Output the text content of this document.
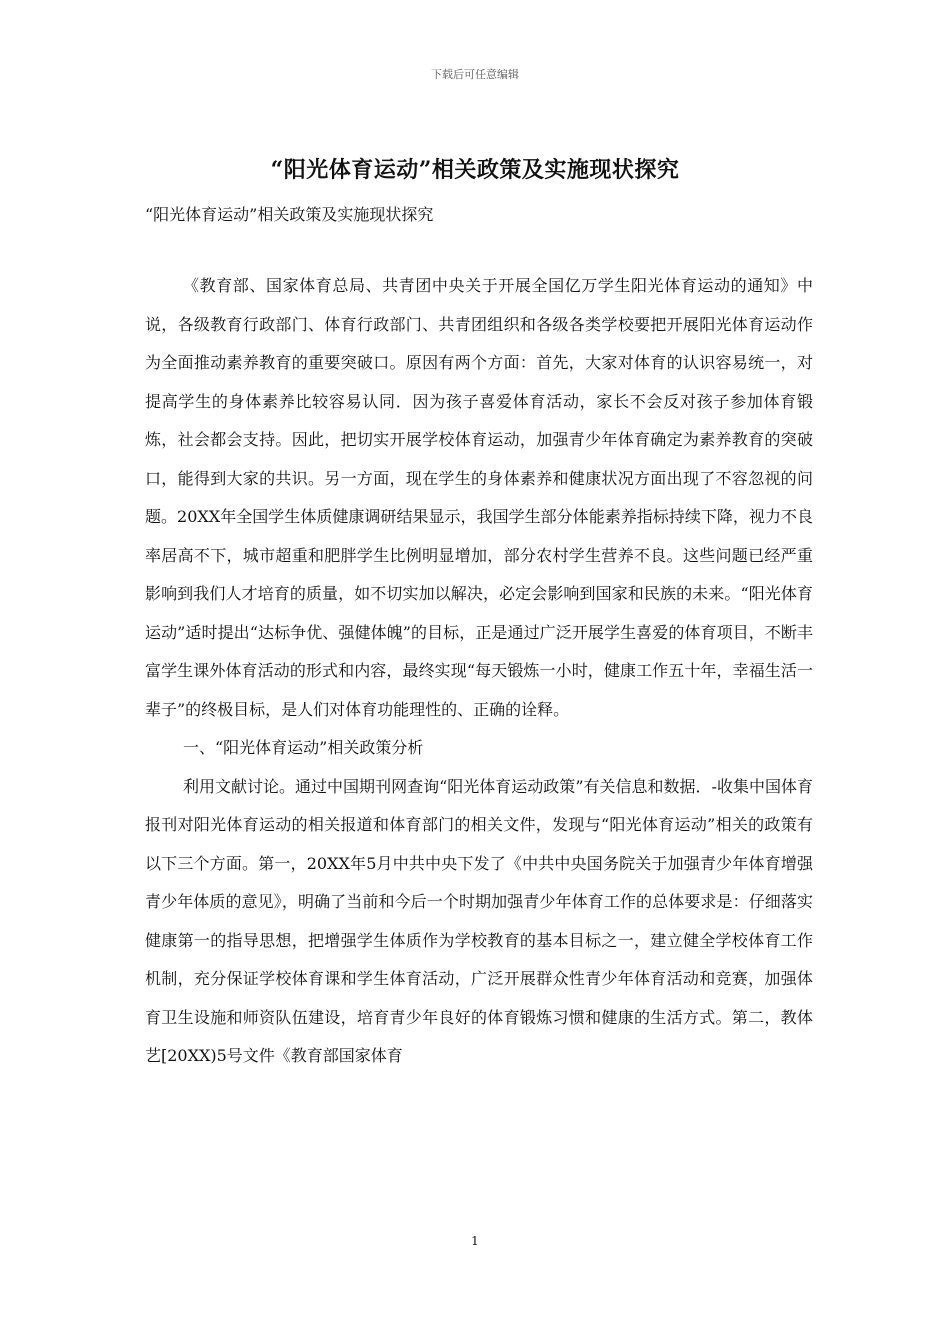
下载后可任意编辑
“阳光体育运动”相关政策及实施现状探究
“阳光体育运动”相关政策及实施现状探究

《教育部、国家体育总局、共青团中央关于开展全国亿万学生阳光体育运动的通知》中说，各级教育行政部门、体育行政部门、共青团组织和各级各类学校要把开展阳光体育运动作为全面推动素养教育的重要突破口。原因有两个方面：首先，大家对体育的认识容易统一，对提高学生的身体素养比较容易认同．因为孩子喜爱体育活动，家长不会反对孩子参加体育锻炼，社会都会支持。因此，把切实开展学校体育运动，加强青少年体育确定为素养教育的突破口，能得到大家的共识。另一方面，现在学生的身体素养和健康状况方面出现了不容忽视的问题。20XX年全国学生体质健康调研结果显示，我国学生部分体能素养指标持续下降，视力不良率居高不下，城市超重和肥胖学生比例明显增加，部分农村学生营养不良。这些问题已经严重影响到我们人才培育的质量，如不切实加以解决，必定会影响到国家和民族的未来。“阳光体育运动”适时提出“达标争优、强健体魄”的目标，正是通过广泛开展学生喜爱的体育项目，不断丰富学生课外体育活动的形式和内容，最终实现“每天锻炼一小时，健康工作五十年，幸福生活一辈子”的终极目标，是人们对体育功能理性的、正确的诠释。

一、“阳光体育运动”相关政策分析

利用文献讨论。通过中国期刊网查询“阳光体育运动政策”有关信息和数据．-收集中国体育报刊对阳光体育运动的相关报道和体育部门的相关文件，发现与“阳光体育运动”相关的政策有以下三个方面。第一，20XX年5月中共中央下发了《中共中央国务院关于加强青少年体育增强青少年体质的意见》，明确了当前和今后一个时期加强青少年体育工作的总体要求是：仔细落实健康第一的指导思想，把增强学生体质作为学校教育的基本目标之一，建立健全学校体育工作机制，充分保证学校体育课和学生体育活动，广泛开展群众性青少年体育活动和竞赛，加强体育卫生设施和师资队伍建设，培育青少年良好的体育锻炼习惯和健康的生活方式。第二，教体艺[20XX)5号文件《教育部国家体育

1
